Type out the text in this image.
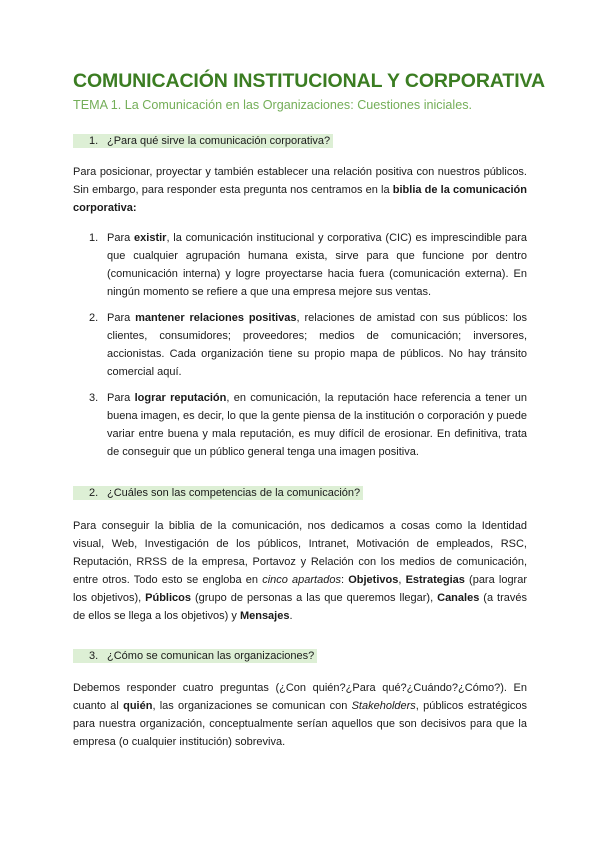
COMUNICACIÓN INSTITUCIONAL Y CORPORATIVA
TEMA 1. La Comunicación en las Organizaciones: Cuestiones iniciales.
1. ¿Para qué sirve la comunicación corporativa?
Para posicionar, proyectar y también establecer una relación positiva con nuestros públicos. Sin embargo, para responder esta pregunta nos centramos en la biblia de la comunicación corporativa:
1. Para existir, la comunicación institucional y corporativa (CIC) es imprescindible para que cualquier agrupación humana exista, sirve para que funcione por dentro (comunicación interna) y logre proyectarse hacia fuera (comunicación externa). En ningún momento se refiere a que una empresa mejore sus ventas.
2. Para mantener relaciones positivas, relaciones de amistad con sus públicos: los clientes, consumidores; proveedores; medios de comunicación; inversores, accionistas. Cada organización tiene su propio mapa de públicos. No hay tránsito comercial aquí.
3. Para lograr reputación, en comunicación, la reputación hace referencia a tener un buena imagen, es decir, lo que la gente piensa de la institución o corporación y puede variar entre buena y mala reputación, es muy difícil de erosionar. En definitiva, trata de conseguir que un público general tenga una imagen positiva.
2. ¿Cuáles son las competencias de la comunicación?
Para conseguir la biblia de la comunicación, nos dedicamos a cosas como la Identidad visual, Web, Investigación de los públicos, Intranet, Motivación de empleados, RSC, Reputación, RRSS de la empresa, Portavoz y Relación con los medios de comunicación, entre otros. Todo esto se engloba en cinco apartados: Objetivos, Estrategias (para lograr los objetivos), Públicos (grupo de personas a las que queremos llegar), Canales (a través de ellos se llega a los objetivos) y Mensajes.
3. ¿Cómo se comunican las organizaciones?
Debemos responder cuatro preguntas (¿Con quién?¿Para qué?¿Cuándo?¿Cómo?). En cuanto al quién, las organizaciones se comunican con Stakeholders, públicos estratégicos para nuestra organización, conceptualmente serían aquellos que son decisivos para que la empresa (o cualquier institución) sobreviva.
